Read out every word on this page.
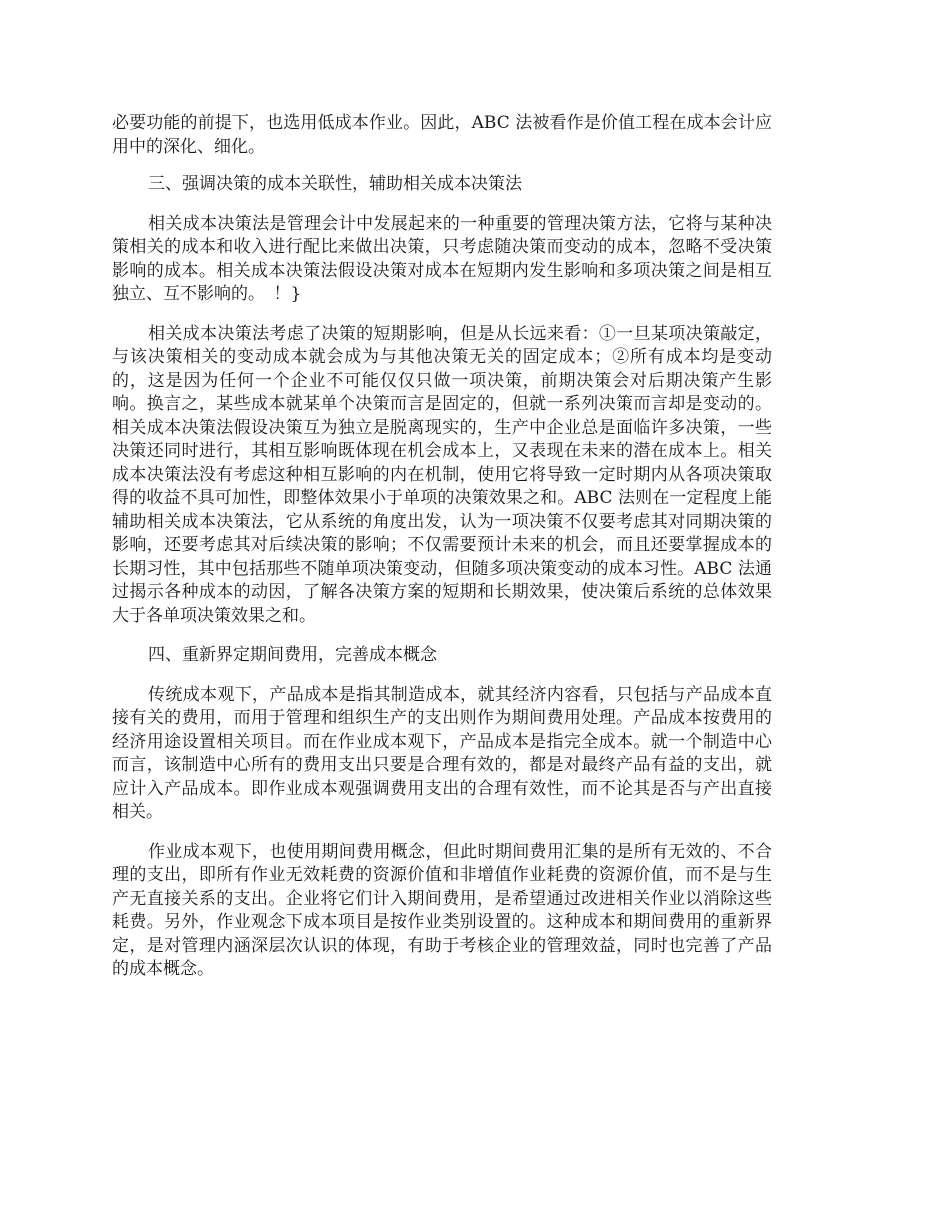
必要功能的前提下，也选用低成本作业。因此，ABC 法被看作是价值工程在成本会计应用中的深化、细化。

三、强调决策的成本关联性，辅助相关成本决策法

相关成本决策法是管理会计中发展起来的一种重要的管理决策方法，它将与某种决策相关的成本和收入进行配比来做出决策，只考虑随决策而变动的成本，忽略不受决策影响的成本。相关成本决策法假设决策对成本在短期内发生影响和多项决策之间是相互独立、互不影响的。　！}

相关成本决策法考虑了决策的短期影响，但是从长远来看：①一旦某项决策敲定，与该决策相关的变动成本就会成为与其他决策无关的固定成本；②所有成本均是变动的，这是因为任何一个企业不可能仅仅只做一项决策，前期决策会对后期决策产生影响。换言之，某些成本就某单个决策而言是固定的，但就一系列决策而言却是变动的。相关成本决策法假设决策互为独立是脱离现实的，生产中企业总是面临许多决策，一些决策还同时进行，其相互影响既体现在机会成本上，又表现在未来的潜在成本上。相关成本决策法没有考虑这种相互影响的内在机制，使用它将导致一定时期内从各项决策取得的收益不具可加性，即整体效果小于单项的决策效果之和。ABC 法则在一定程度上能辅助相关成本决策法，它从系统的角度出发，认为一项决策不仅要考虑其对同期决策的影响，还要考虑其对后续决策的影响；不仅需要预计未来的机会，而且还要掌握成本的长期习性，其中包括那些不随单项决策变动，但随多项决策变动的成本习性。ABC 法通过揭示各种成本的动因，了解各决策方案的短期和长期效果，使决策后系统的总体效果大于各单项决策效果之和。

四、重新界定期间费用，完善成本概念

传统成本观下，产品成本是指其制造成本，就其经济内容看，只包括与产品成本直接有关的费用，而用于管理和组织生产的支出则作为期间费用处理。产品成本按费用的经济用途设置相关项目。而在作业成本观下，产品成本是指完全成本。就一个制造中心而言，该制造中心所有的费用支出只要是合理有效的，都是对最终产品有益的支出，就应计入产品成本。即作业成本观强调费用支出的合理有效性，而不论其是否与产出直接相关。

作业成本观下，也使用期间费用概念，但此时期间费用汇集的是所有无效的、不合理的支出，即所有作业无效耗费的资源价值和非增值作业耗费的资源价值，而不是与生产无直接关系的支出。企业将它们计入期间费用，是希望通过改进相关作业以消除这些耗费。另外，作业观念下成本项目是按作业类别设置的。这种成本和期间费用的重新界定，是对管理内涵深层次认识的体现，有助于考核企业的管理效益，同时也完善了产品的成本概念。
